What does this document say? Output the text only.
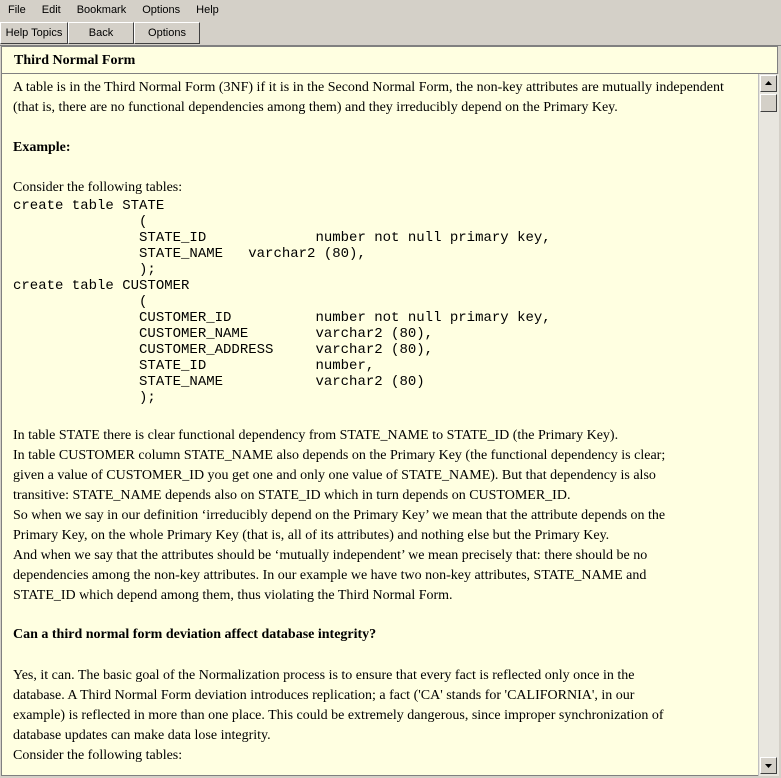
File	Edit	Bookmark	Options	Help
Help Topics	Back	Options
Third Normal Form

A table is in the Third Normal Form (3NF) if it is in the Second Normal Form, the non-key attributes are mutually independent (that is, there are no functional dependencies among them) and they irreducibly depend on the Primary Key.

Example:

Consider the following tables:

create table STATE

(

STATE_ID             number not null primary key,

STATE_NAME   varchar2 (80),

);

create table CUSTOMER

(

CUSTOMER_ID          number not null primary key,

CUSTOMER_NAME        varchar2 (80),

CUSTOMER_ADDRESS     varchar2 (80),

STATE_ID             number,

STATE_NAME           varchar2 (80)

);

In table STATE there is clear functional dependency from STATE_NAME to STATE_ID (the Primary Key).

In table CUSTOMER column STATE_NAME also depends on the Primary Key (the functional dependency is clear;

given a value of CUSTOMER_ID you get one and only one value of STATE_NAME). But that dependency is also

transitive: STATE_NAME depends also on STATE_ID which in turn depends on CUSTOMER_ID.

So when we say in our definition ‘irreducibly depend on the Primary Key’ we mean that the attribute depends on the

Primary Key, on the whole Primary Key (that is, all of its attributes) and nothing else but the Primary Key.

And when we say that the attributes should be ‘mutually independent’ we mean precisely that: there should be no

dependencies among the non-key attributes. In our example we have two non-key attributes, STATE_NAME and

STATE_ID which depend among them, thus violating the Third Normal Form.

Can a third normal form deviation affect database integrity?

Yes, it can. The basic goal of the Normalization process is to ensure that every fact is reflected only once in the

database. A Third Normal Form deviation introduces replication; a fact ('CA' stands for 'CALIFORNIA', in our

example) is reflected in more than one place. This could be extremely dangerous, since improper synchronization of

database updates can make data lose integrity.

Consider the following tables:
